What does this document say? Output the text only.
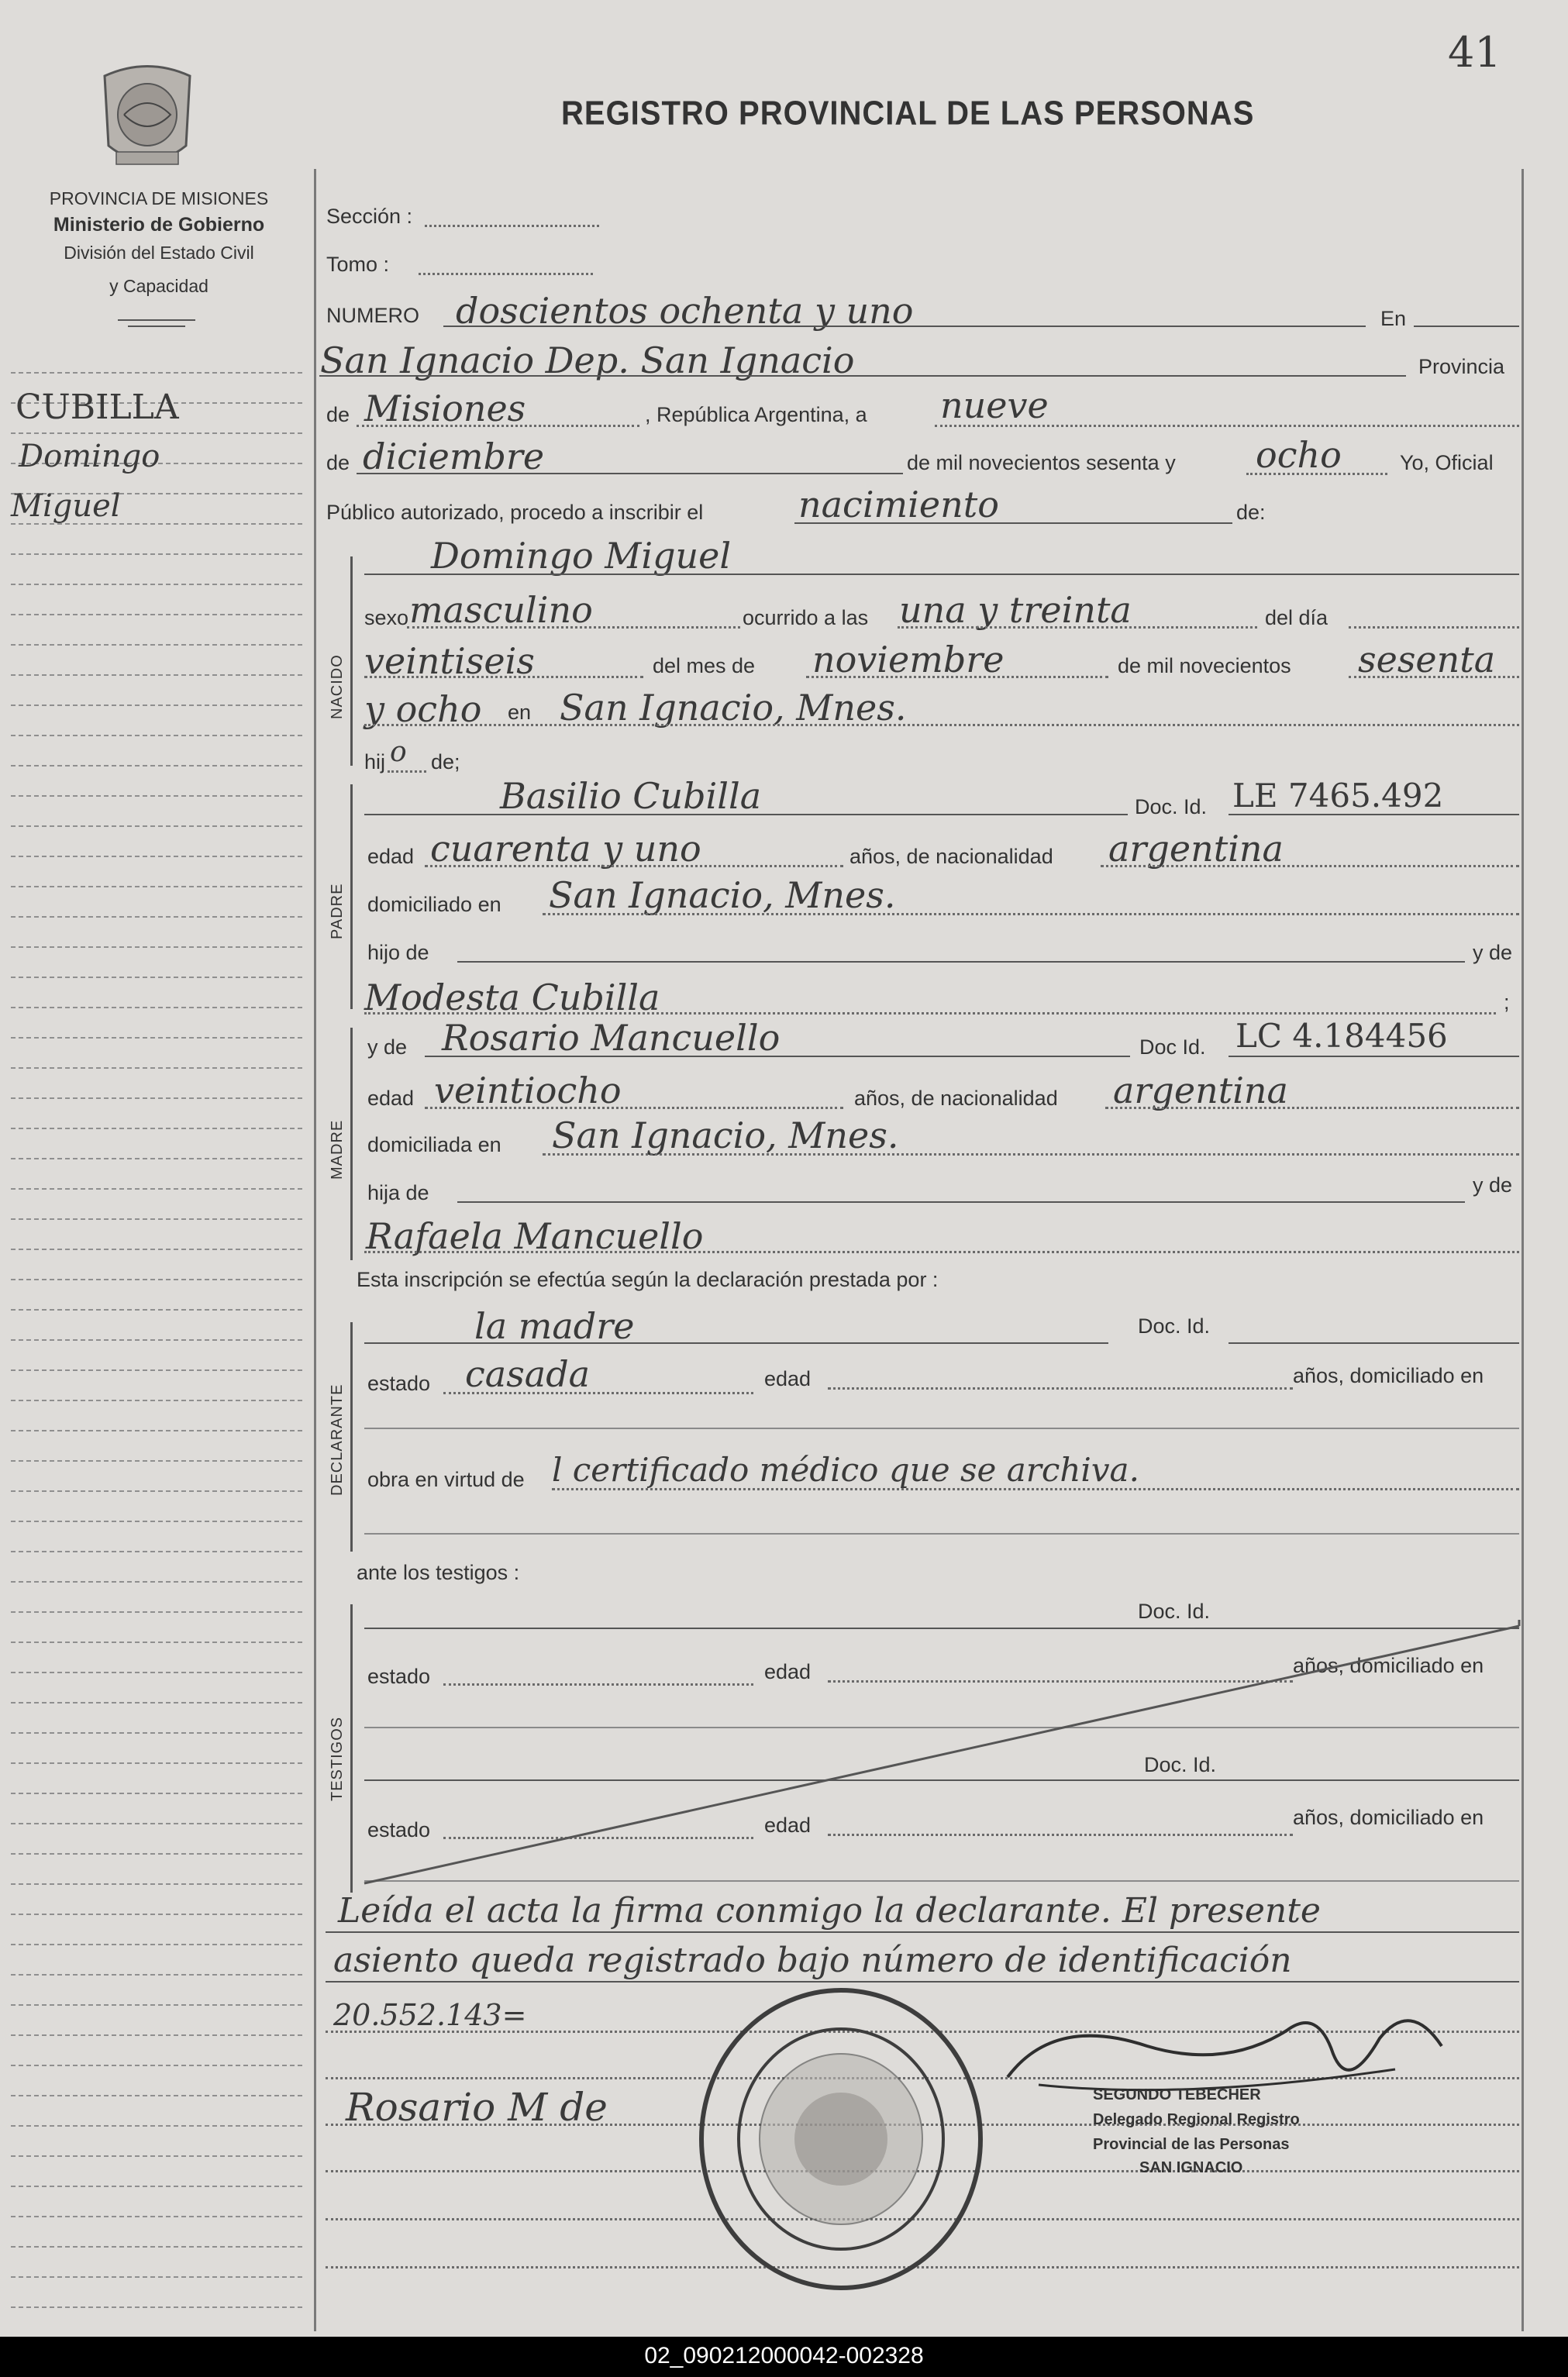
41
PROVINCIA DE MISIONES
Ministerio de Gobierno
División del Estado Civil
y Capacidad
CUBILLA
Domingo
Miguel
REGISTRO PROVINCIAL DE LAS PERSONAS
Sección :
Tomo :
NUMERO doscientos ochenta y uno	En
San Ignacio Dep. San Ignacio	Provincia
de Misiones	, República Argentina, a nueve
de diciembre	de mil novecientos sesenta y ocho	Yo, Oficial
Público autorizado, procedo a inscribir el	nacimiento	de:
NACIDO
Domingo Miguel
sexo masculino	ocurrido a las una y treinta	del día
veintiseis	del mes de noviembre	de mil novecientos sesenta
y ocho en San Ignacio, Mnes.
hij o de;
PADRE
Basilio Cubilla	Doc. Id. LE 7465.492
edad cuarenta y uno	años, de nacionalidad argentina
domiciliado en San Ignacio, Mnes.
hijo de	y de
Modesta Cubilla	;
MADRE
y de Rosario Mancuello	Doc Id. LC 4.184456
edad veintiocho	años, de nacionalidad argentina
domiciliada en San Ignacio, Mnes.
hija de	y de
Rafaela Mancuello
Esta inscripción se efectúa según la declaración prestada por :
DECLARANTE
la madre	Doc. Id.
estado casada	edad	años, domiciliado en
obra en virtud de l certificado médico que se archiva.
ante los testigos :
TESTIGOS
Doc. Id.
estado	edad	años, domiciliado en
Doc. Id.
estado	edad	años, domiciliado en
Leída el acta la firma conmigo la declarante. El presente
asiento queda registrado bajo número de identificación
20.552.143=
Rosario M de	SEGUNDO TEBECHER
Delegado Regional Registro
Provincial de las Personas
SAN IGNACIO
02_090212000042-002328
